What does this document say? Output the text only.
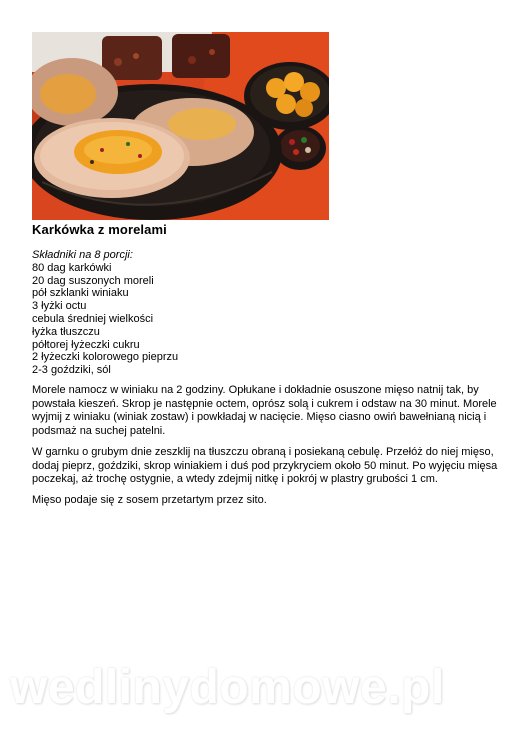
Karkówka z morelami
Składniki na 8 porcji:
80 dag karkówki
20 dag suszonych moreli
pół szklanki winiaku
3 łyżki octu
cebula średniej wielkości
łyżka tłuszczu
półtorej łyżeczki cukru
2 łyżeczki kolorowego pieprzu
2-3 goździki, sól

Morele namocz w winiaku na 2 godziny. Opłukane i dokładnie osuszone mięso natnij tak, by powstała kieszeń. Skrop je następnie octem, oprósz solą i cukrem i odstaw na 30 minut. Morele wyjmij z winiaku (winiak zostaw) i powkładaj w nacięcie. Mięso ciasno owiń bawełnianą nicią i podsmaż na suchej patelni.

W garnku o grubym dnie zeszklij na tłuszczu obraną i posiekaną cebulę. Przełóż do niej mięso, dodaj pieprz, goździki, skrop winiakiem i duś pod przykryciem około 50 minut. Po wyjęciu mięsa poczekaj, aż trochę ostygnie, a wtedy zdejmij nitkę i pokrój w plastry grubości 1 cm.

Mięso podaje się z sosem przetartym przez sito.

wedlinydomowe.pl
